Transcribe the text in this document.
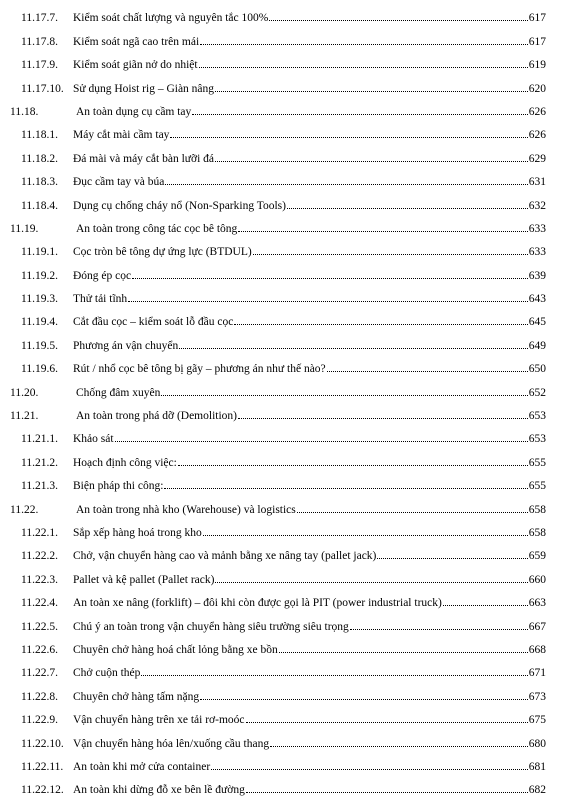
11.17.7. Kiểm soát chất lượng và nguyên tắc 100%	617
11.17.8. Kiểm soát ngã cao trên mái	617
11.17.9. Kiểm soát giãn nở do nhiệt	619
11.17.10. Sử dụng Hoist rig – Giàn nâng	620
11.18.	An toàn dụng cụ cầm tay	626
11.18.1. Máy cắt mài cầm tay	626
11.18.2. Đá mài và máy cắt bàn lưỡi đá	629
11.18.3. Đục cầm tay và búa	631
11.18.4. Dụng cụ chống cháy nổ (Non-Sparking Tools)	632
11.19.	An toàn trong công tác cọc bê tông	633
11.19.1. Cọc tròn bê tông dự ứng lực (BTDUL)	633
11.19.2. Đóng ép cọc	639
11.19.3. Thử tải tĩnh	643
11.19.4. Cắt đầu cọc – kiểm soát lỗ đầu cọc	645
11.19.5. Phương án vận chuyển	649
11.19.6. Rút / nhổ cọc bê tông bị gãy – phương án như thế nào?	650
11.20.	Chống đâm xuyên	652
11.21.	An toàn trong phá dỡ (Demolition)	653
11.21.1. Khảo sát	653
11.21.2. Hoạch định công việc:	655
11.21.3. Biện pháp thi công:	655
11.22.	An toàn trong nhà kho (Warehouse) và logistics	658
11.22.1. Sắp xếp hàng hoá trong kho	658
11.22.2. Chở, vận chuyển hàng cao và mảnh bằng xe nâng tay (pallet jack)	659
11.22.3. Pallet và kệ pallet (Pallet rack)	660
11.22.4. An toàn xe nâng (forklift) – đôi khi còn được gọi là PIT (power industrial truck)	663
11.22.5. Chú ý an toàn trong vận chuyển hàng siêu trường siêu trọng	667
11.22.6. Chuyên chở hàng hoá chất lỏng bằng xe bồn	668
11.22.7. Chở cuộn thép	671
11.22.8. Chuyên chở hàng tấm nặng	673
11.22.9. Vận chuyển hàng trên xe tải rơ-moóc	675
11.22.10. Vận chuyển hàng hóa lên/xuống cầu thang	680
11.22.11. An toàn khi mở cửa container	681
11.22.12. An toàn khi dừng đỗ xe bên lề đường	682
